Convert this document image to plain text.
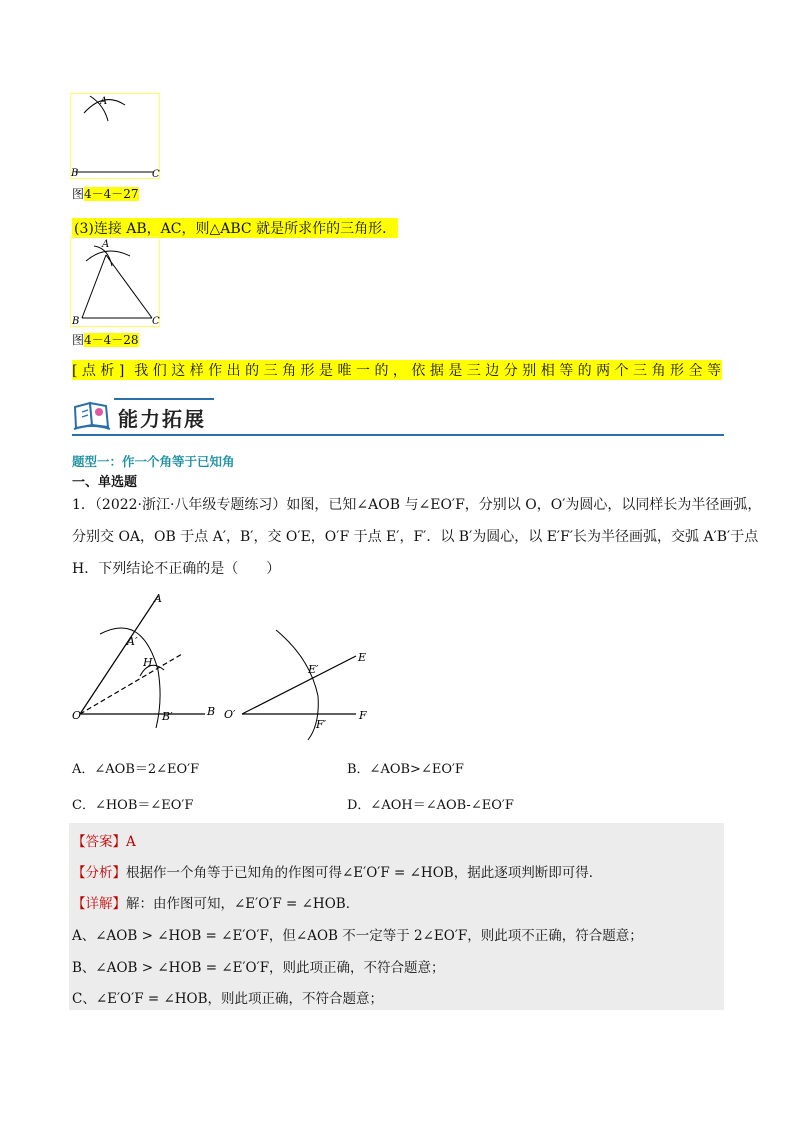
A
B	C
图4－4－27
(3)连接 AB，AC，则△ABC 就是所求作的三角形．
A
B	C
图4－4－28
[点析] 我们这样作出的三角形是唯一的，依据是三边分别相等的两个三角形全等
能力拓展
题型一：作一个角等于已知角
一、单选题
1．（2022·浙江·八年级专题练习）如图，已知∠AOB 与∠EO′F，分别以 O，O′为圆心，以同样长为半径画弧，
分别交 OA，OB 于点 A′，B′，交 O′E，O′F 于点 E′，F′．以 B′为圆心，以 E′F′长为半径画弧，交弧 A′B′于点
H．下列结论不正确的是（　　）
A
A′
H
O	B′	B
E
E′
O′
F′
F
A．∠AOB＝2∠EO′F	B．∠AOB>∠EO′F
C．∠HOB＝∠EO′F	D．∠AOH＝∠AOB-∠EO′F
【答案】A
【分析】根据作一个角等于已知角的作图可得∠E′O′F = ∠HOB，据此逐项判断即可得．
【详解】解：由作图可知，∠E′O′F = ∠HOB．
A、∠AOB > ∠HOB = ∠E′O′F，但∠AOB 不一定等于 2∠EO′F，则此项不正确，符合题意；
B、∠AOB > ∠HOB = ∠E′O′F，则此项正确，不符合题意；
C、∠E′O′F = ∠HOB，则此项正确，不符合题意；
